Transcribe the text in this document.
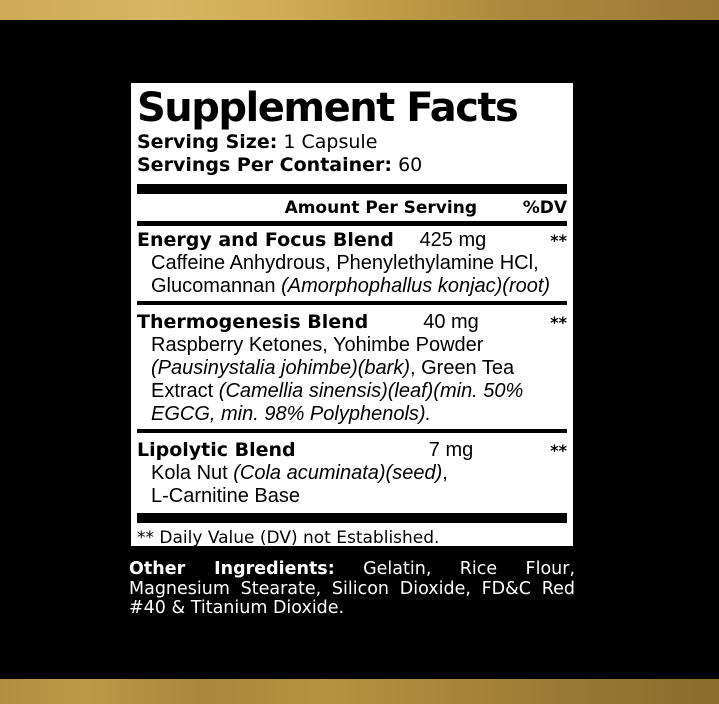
Supplement Facts
Serving Size: 1 Capsule
Servings Per Container: 60
Amount Per Serving	%DV
Energy and Focus Blend	425 mg	**
Caffeine Anhydrous, Phenylethylamine HCl,
Glucomannan (Amorphophallus konjac)(root)
Thermogenesis Blend	40 mg	**
Raspberry Ketones, Yohimbe Powder
(Pausinystalia johimbe)(bark), Green Tea
Extract (Camellia sinensis)(leaf)(min. 50%
EGCG, min. 98% Polyphenols).
Lipolytic Blend	7 mg	**
Kola Nut (Cola acuminata)(seed),
L-Carnitine Base
** Daily Value (DV) not Established.
Other Ingredients: Gelatin, Rice Flour, Magnesium Stearate, Silicon Dioxide, FD&C Red #40 & Titanium Dioxide.
